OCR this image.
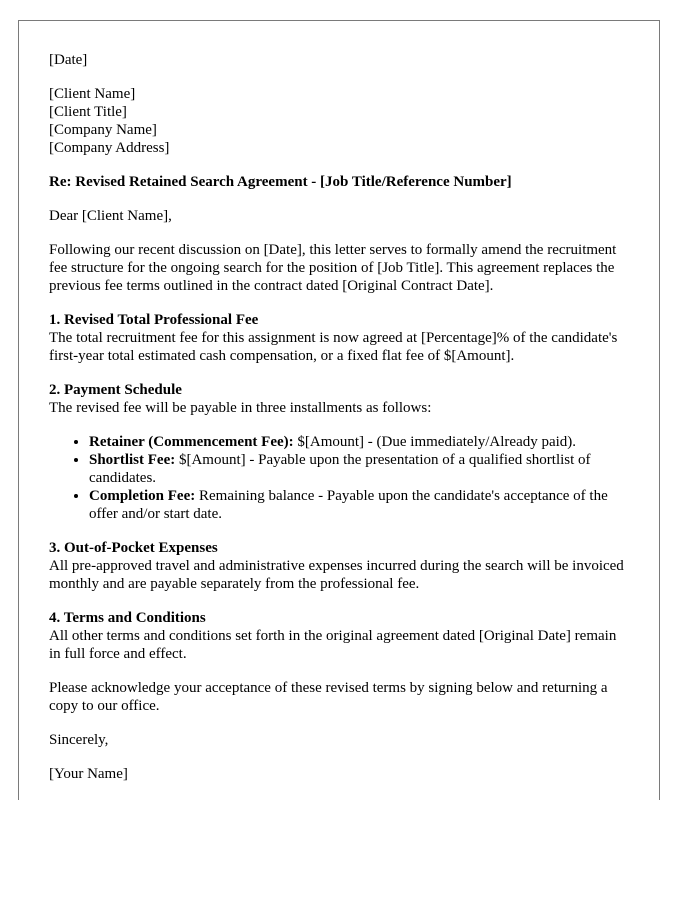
[Date]

[Client Name]

[Client Title]

[Company Name]

[Company Address]

Re: Revised Retained Search Agreement - [Job Title/Reference Number]

Dear [Client Name],

Following our recent discussion on [Date], this letter serves to formally amend the recruitment fee structure for the ongoing search for the position of [Job Title]. This agreement replaces the previous fee terms outlined in the contract dated [Original Contract Date].

1. Revised Total Professional Fee

The total recruitment fee for this assignment is now agreed at [Percentage]% of the candidate's first-year total estimated cash compensation, or a fixed flat fee of $[Amount].

2. Payment Schedule

The revised fee will be payable in three installments as follows:

• Retainer (Commencement Fee): $[Amount] - (Due immediately/Already paid).
• Shortlist Fee: $[Amount] - Payable upon the presentation of a qualified shortlist of candidates.
• Completion Fee: Remaining balance - Payable upon the candidate's acceptance of the offer and/or start date.

3. Out-of-Pocket Expenses

All pre-approved travel and administrative expenses incurred during the search will be invoiced monthly and are payable separately from the professional fee.

4. Terms and Conditions

All other terms and conditions set forth in the original agreement dated [Original Date] remain in full force and effect.

Please acknowledge your acceptance of these revised terms by signing below and returning a copy to our office.

Sincerely,

[Your Name]
